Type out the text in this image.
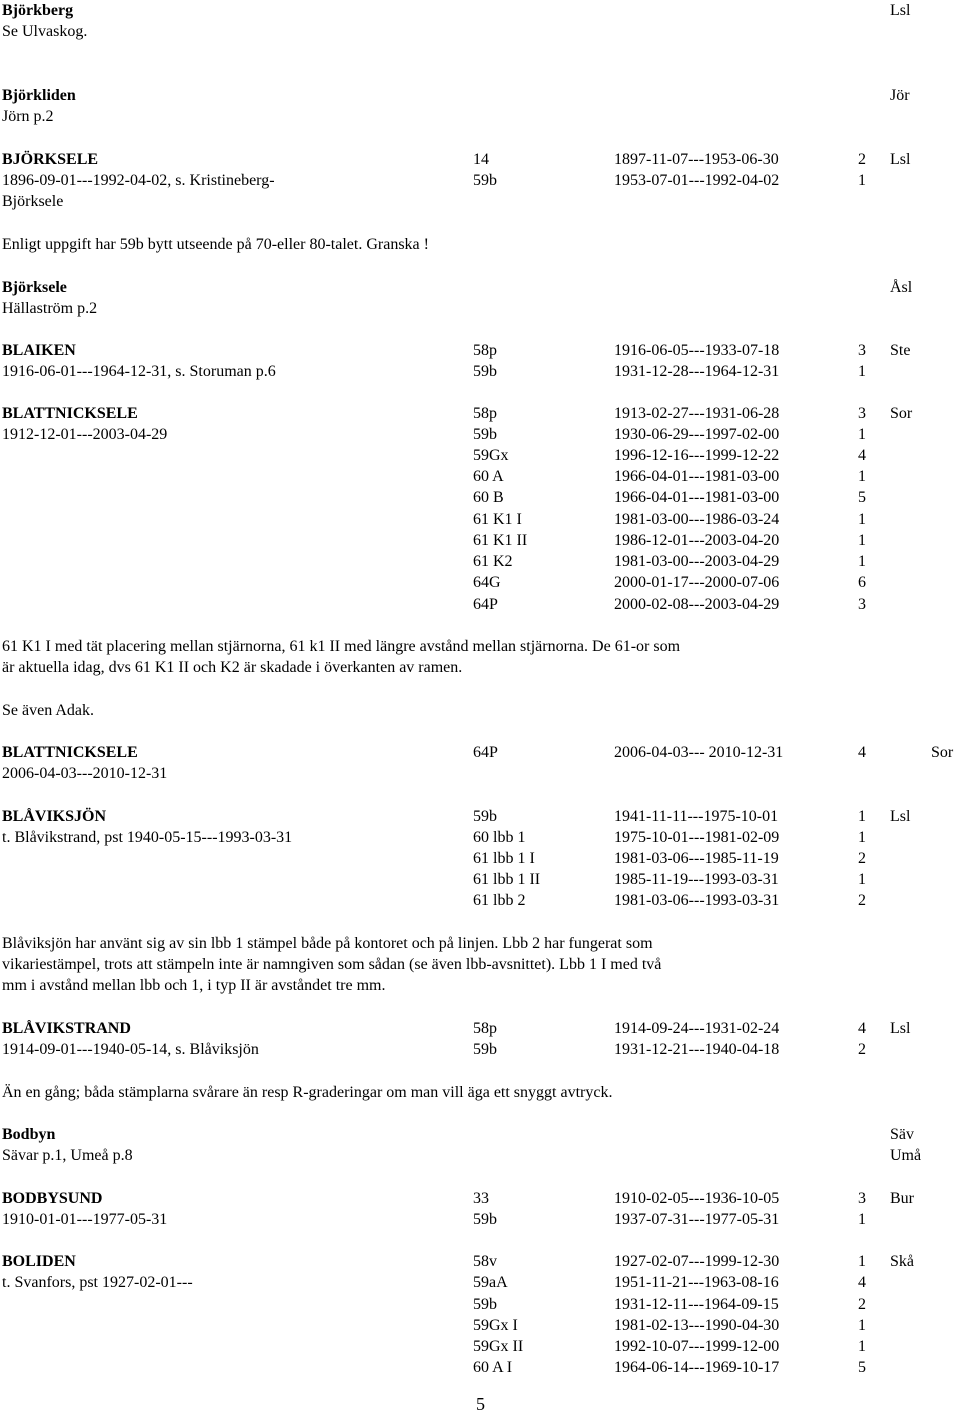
Björkberg	Lsl
Se Ulvaskog.
Björkliden	Jör
Jörn p.2
BJÖRKSELE	14	1897-11-07---1953-06-30	2 Lsl
1896-09-01---1992-04-02, s. Kristineberg-	59b	1953-07-01---1992-04-02	1
Björksele
Enligt uppgift har 59b bytt utseende på 70-eller 80-talet. Granska !
Björksele	Åsl
Hällaström p.2
BLAIKEN	58p	1916-06-05---1933-07-18	3 Ste
1916-06-01---1964-12-31, s. Storuman p.6	59b	1931-12-28---1964-12-31	1
BLATTNICKSELE	58p	1913-02-27---1931-06-28	3 Sor
1912-12-01---2003-04-29	59b	1930-06-29---1997-02-00	1
59Gx	1996-12-16---1999-12-22	4
60 A	1966-04-01---1981-03-00	1
60 B	1966-04-01---1981-03-00	5
61 K1 I	1981-03-00---1986-03-24	1
61 K1 II	1986-12-01---2003-04-20	1
61 K2	1981-03-00---2003-04-29	1
64G	2000-01-17---2000-07-06	6
64P	2000-02-08---2003-04-29	3
61 K1 I med tät placering mellan stjärnorna, 61 k1 II med längre avstånd mellan stjärnorna. De 61-or som
är aktuella idag, dvs 61 K1 II och K2 är skadade i överkanten av ramen.
Se även Adak.
BLATTNICKSELE	64P	2006-04-03--- 2010-12-31	4	Sor
2006-04-03---2010-12-31
BLÅVIKSJÖN	59b	1941-11-11---1975-10-01	1 Lsl
t. Blåvikstrand, pst 1940-05-15---1993-03-31	60 lbb 1	1975-10-01---1981-02-09	1
61 lbb 1 I	1981-03-06---1985-11-19	2
61 lbb 1 II	1985-11-19---1993-03-31	1
61 lbb 2	1981-03-06---1993-03-31	2
Blåviksjön har använt sig av sin lbb 1 stämpel både på kontoret och på linjen. Lbb 2 har fungerat som
vikariestämpel, trots att stämpeln inte är namngiven som sådan (se även lbb-avsnittet). Lbb 1 I med två
mm i avstånd mellan lbb och 1, i typ II är avståndet tre mm.
BLÅVIKSTRAND	58p	1914-09-24---1931-02-24	4 Lsl
1914-09-01---1940-05-14, s. Blåviksjön	59b	1931-12-21---1940-04-18	2
Än en gång; båda stämplarna svårare än resp R-graderingar om man vill äga ett snyggt avtryck.
Bodbyn	Säv
Sävar p.1, Umeå p.8	Umå
BODBYSUND	33	1910-02-05---1936-10-05	3 Bur
1910-01-01---1977-05-31	59b	1937-07-31---1977-05-31	1
BOLIDEN	58v	1927-02-07---1999-12-30	1 Skå
t. Svanfors, pst 1927-02-01---	59aA	1951-11-21---1963-08-16	4
59b	1931-12-11---1964-09-15	2
59Gx I	1981-02-13---1990-04-30	1
59Gx II	1992-10-07---1999-12-00	1
60 A I	1964-06-14---1969-10-17	5
5
